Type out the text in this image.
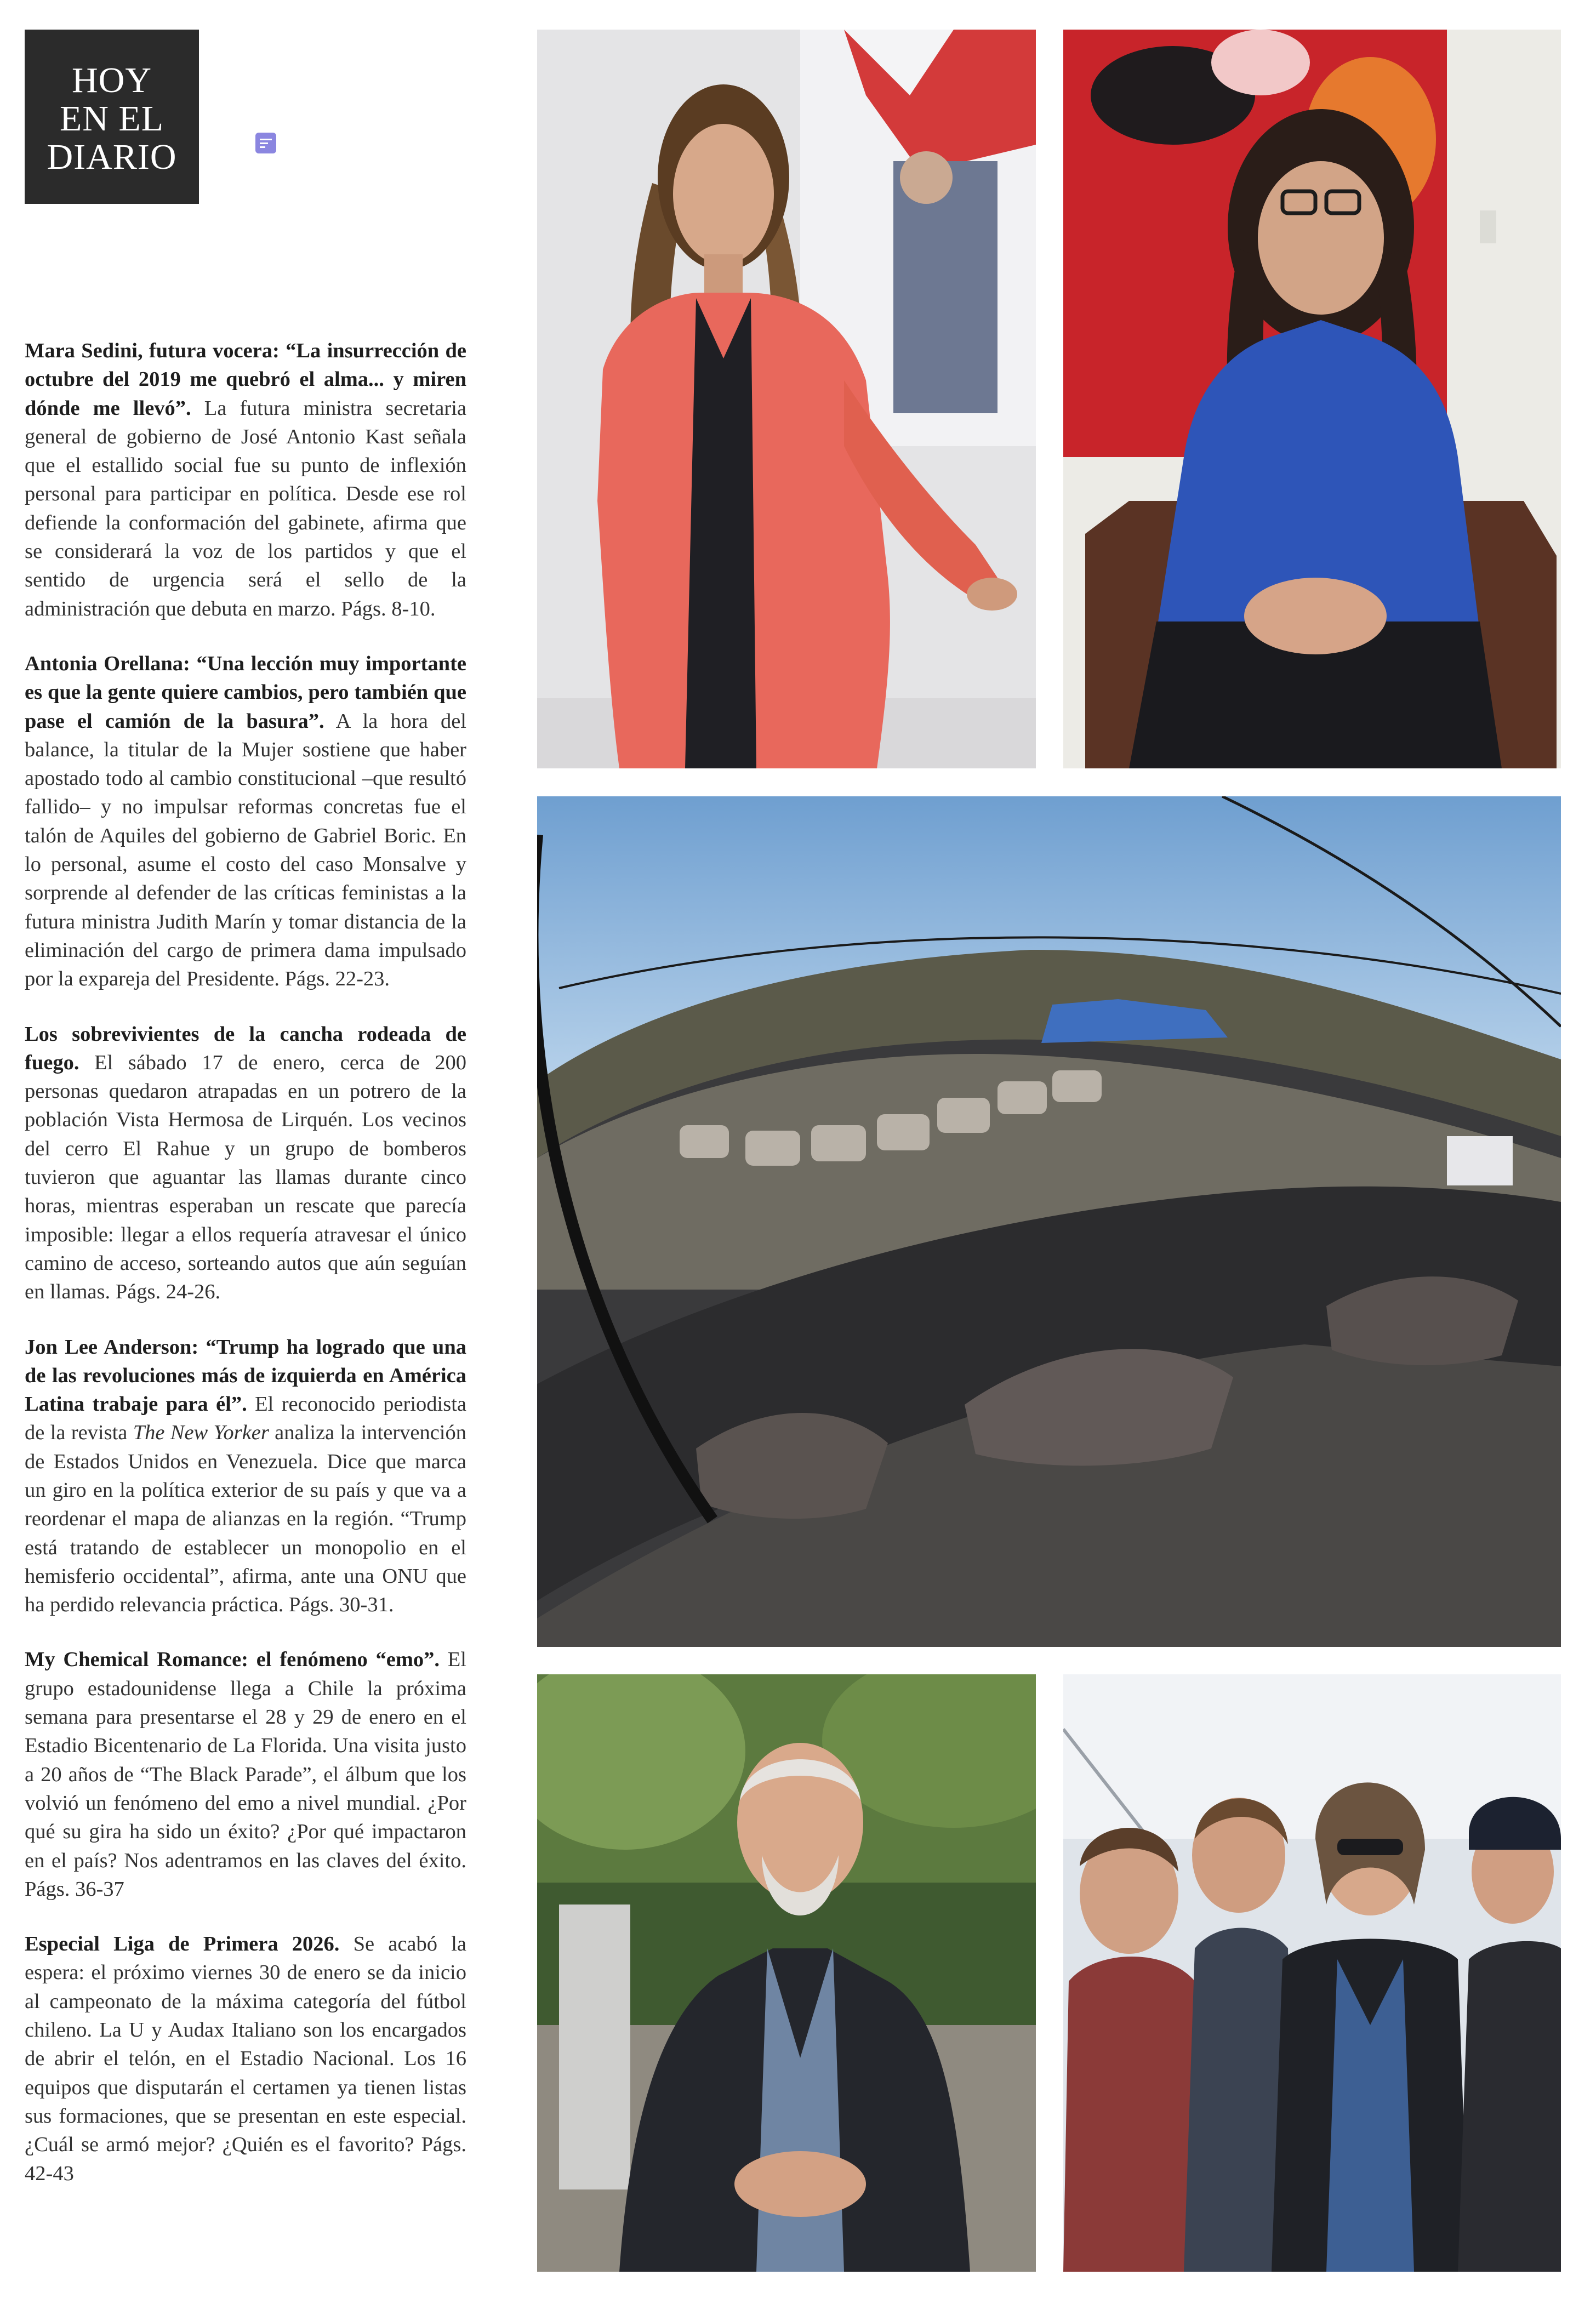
HOY
EN EL
DIARIO

Mara Sedini, futura vocera: “La insurrección de octubre del 2019 me quebró el alma... y miren dónde me llevó”. La futura ministra secretaria general de gobierno de José Antonio Kast señala que el estallido social fue su punto de inflexión personal para participar en política. Desde ese rol defiende la conformación del gabinete, afirma que se considerará la voz de los partidos y que el sentido de urgencia será el sello de la administración que debuta en marzo. Págs. 8-10.

Antonia Orellana: “Una lección muy importante es que la gente quiere cambios, pero también que pase el camión de la basura”. A la hora del balance, la titular de la Mujer sostiene que haber apostado todo al cambio constitucional –que resultó fallido– y no impulsar reformas concretas fue el talón de Aquiles del gobierno de Gabriel Boric. En lo personal, asume el costo del caso Monsalve y sorprende al defender de las críticas feministas a la futura ministra Judith Marín y tomar distancia de la eliminación del cargo de primera dama impulsado por la expareja del Presidente. Págs. 22-23.

Los sobrevivientes de la cancha rodeada de fuego. El sábado 17 de enero, cerca de 200 personas quedaron atrapadas en un potrero de la población Vista Hermosa de Lirquén. Los vecinos del cerro El Rahue y un grupo de bomberos tuvieron que aguantar las llamas durante cinco horas, mientras esperaban un rescate que parecía imposible: llegar a ellos requería atravesar el único camino de acceso, sorteando autos que aún seguían en llamas. Págs. 24-26.

Jon Lee Anderson: “Trump ha logrado que una de las revoluciones más de izquierda en América Latina trabaje para él”. El reconocido periodista de la revista The New Yorker analiza la intervención de Estados Unidos en Venezuela. Dice que marca un giro en la política exterior de su país y que va a reordenar el mapa de alianzas en la región. “Trump está tratando de establecer un monopolio en el hemisferio occidental”, afirma, ante una ONU que ha perdido relevancia práctica. Págs. 30-31.

My Chemical Romance: el fenómeno “emo”. El grupo estadounidense llega a Chile la próxima semana para presentarse el 28 y 29 de enero en el Estadio Bicentenario de La Florida. Una visita justo a 20 años de “The Black Parade”, el álbum que los volvió un fenómeno del emo a nivel mundial. ¿Por qué su gira ha sido un éxito? ¿Por qué impactaron en el país? Nos adentramos en las claves del éxito. Págs. 36-37

Especial Liga de Primera 2026. Se acabó la espera: el próximo viernes 30 de enero se da inicio al campeonato de la máxima categoría del fútbol chileno. La U y Audax Italiano son los encargados de abrir el telón, en el Estadio Nacional. Los 16 equipos que disputarán el certamen ya tienen listas sus formaciones, que se presentan en este especial. ¿Cuál se armó mejor? ¿Quién es el favorito? Págs. 42-43
